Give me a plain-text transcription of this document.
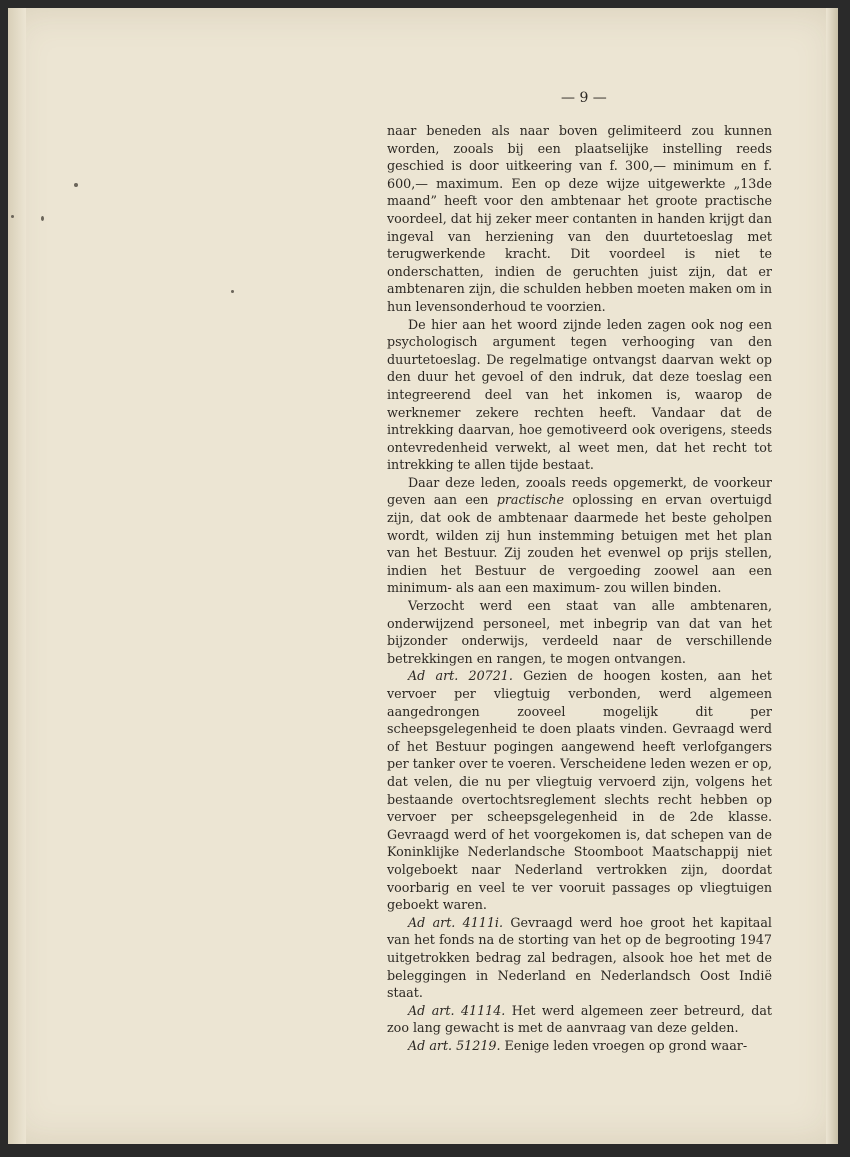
— 9 —

naar beneden als naar boven gelimiteerd zou kunnen worden, zooals bij een plaatselijke instelling reeds geschied is door uitkeering van f. 300,— minimum en f. 600,— maximum. Een op deze wijze uitgewerkte „13de maand” heeft voor den ambtenaar het groote practische voordeel, dat hij zeker meer contanten in handen krijgt dan ingeval van herziening van den duurtetoeslag met terugwerkende kracht. Dit voordeel is niet te onderschatten, indien de geruchten juist zijn, dat er ambtenaren zijn, die schulden hebben moeten maken om in hun levensonderhoud te voorzien.

De hier aan het woord zijnde leden zagen ook nog een psychologisch argument tegen verhooging van den duurtetoeslag. De regelmatige ontvangst daarvan wekt op den duur het gevoel of den indruk, dat deze toeslag een integreerend deel van het inkomen is, waarop de werknemer zekere rechten heeft. Vandaar dat de intrekking daarvan, hoe gemotiveerd ook overigens, steeds ontevredenheid verwekt, al weet men, dat het recht tot intrekking te allen tijde bestaat.

Daar deze leden, zooals reeds opgemerkt, de voorkeur geven aan een practische oplossing en ervan overtuigd zijn, dat ook de ambtenaar daarmede het beste geholpen wordt, wilden zij hun instemming betuigen met het plan van het Bestuur. Zij zouden het evenwel op prijs stellen, indien het Bestuur de vergoeding zoowel aan een minimum- als aan een maximum- zou willen binden.

Verzocht werd een staat van alle ambtenaren, onderwijzend personeel, met inbegrip van dat van het bijzonder onderwijs, verdeeld naar de verschillende betrekkingen en rangen, te mogen ontvangen.

Ad art. 20721. Gezien de hoogen kosten, aan het vervoer per vliegtuig verbonden, werd algemeen aangedrongen zooveel mogelijk dit per scheepsgelegenheid te doen plaats vinden. Gevraagd werd of het Bestuur pogingen aangewend heeft verlofgangers per tanker over te voeren. Verscheidene leden wezen er op, dat velen, die nu per vliegtuig vervoerd zijn, volgens het bestaande overtochtsreglement slechts recht hebben op vervoer per scheepsgelegenheid in de 2de klasse. Gevraagd werd of het voorgekomen is, dat schepen van de Koninklijke Nederlandsche Stoomboot Maatschappij niet volgeboekt naar Nederland vertrokken zijn, doordat voorbarig en veel te ver vooruit passages op vliegtuigen geboekt waren.

Ad art. 4111i. Gevraagd werd hoe groot het kapitaal van het fonds na de storting van het op de begrooting 1947 uitgetrokken bedrag zal bedragen, alsook hoe het met de beleggingen in Nederland en Nederlandsch Oost Indië staat.

Ad art. 41114. Het werd algemeen zeer betreurd, dat zoo lang gewacht is met de aanvraag van deze gelden.

Ad art. 51219. Eenige leden vroegen op grond waar-
